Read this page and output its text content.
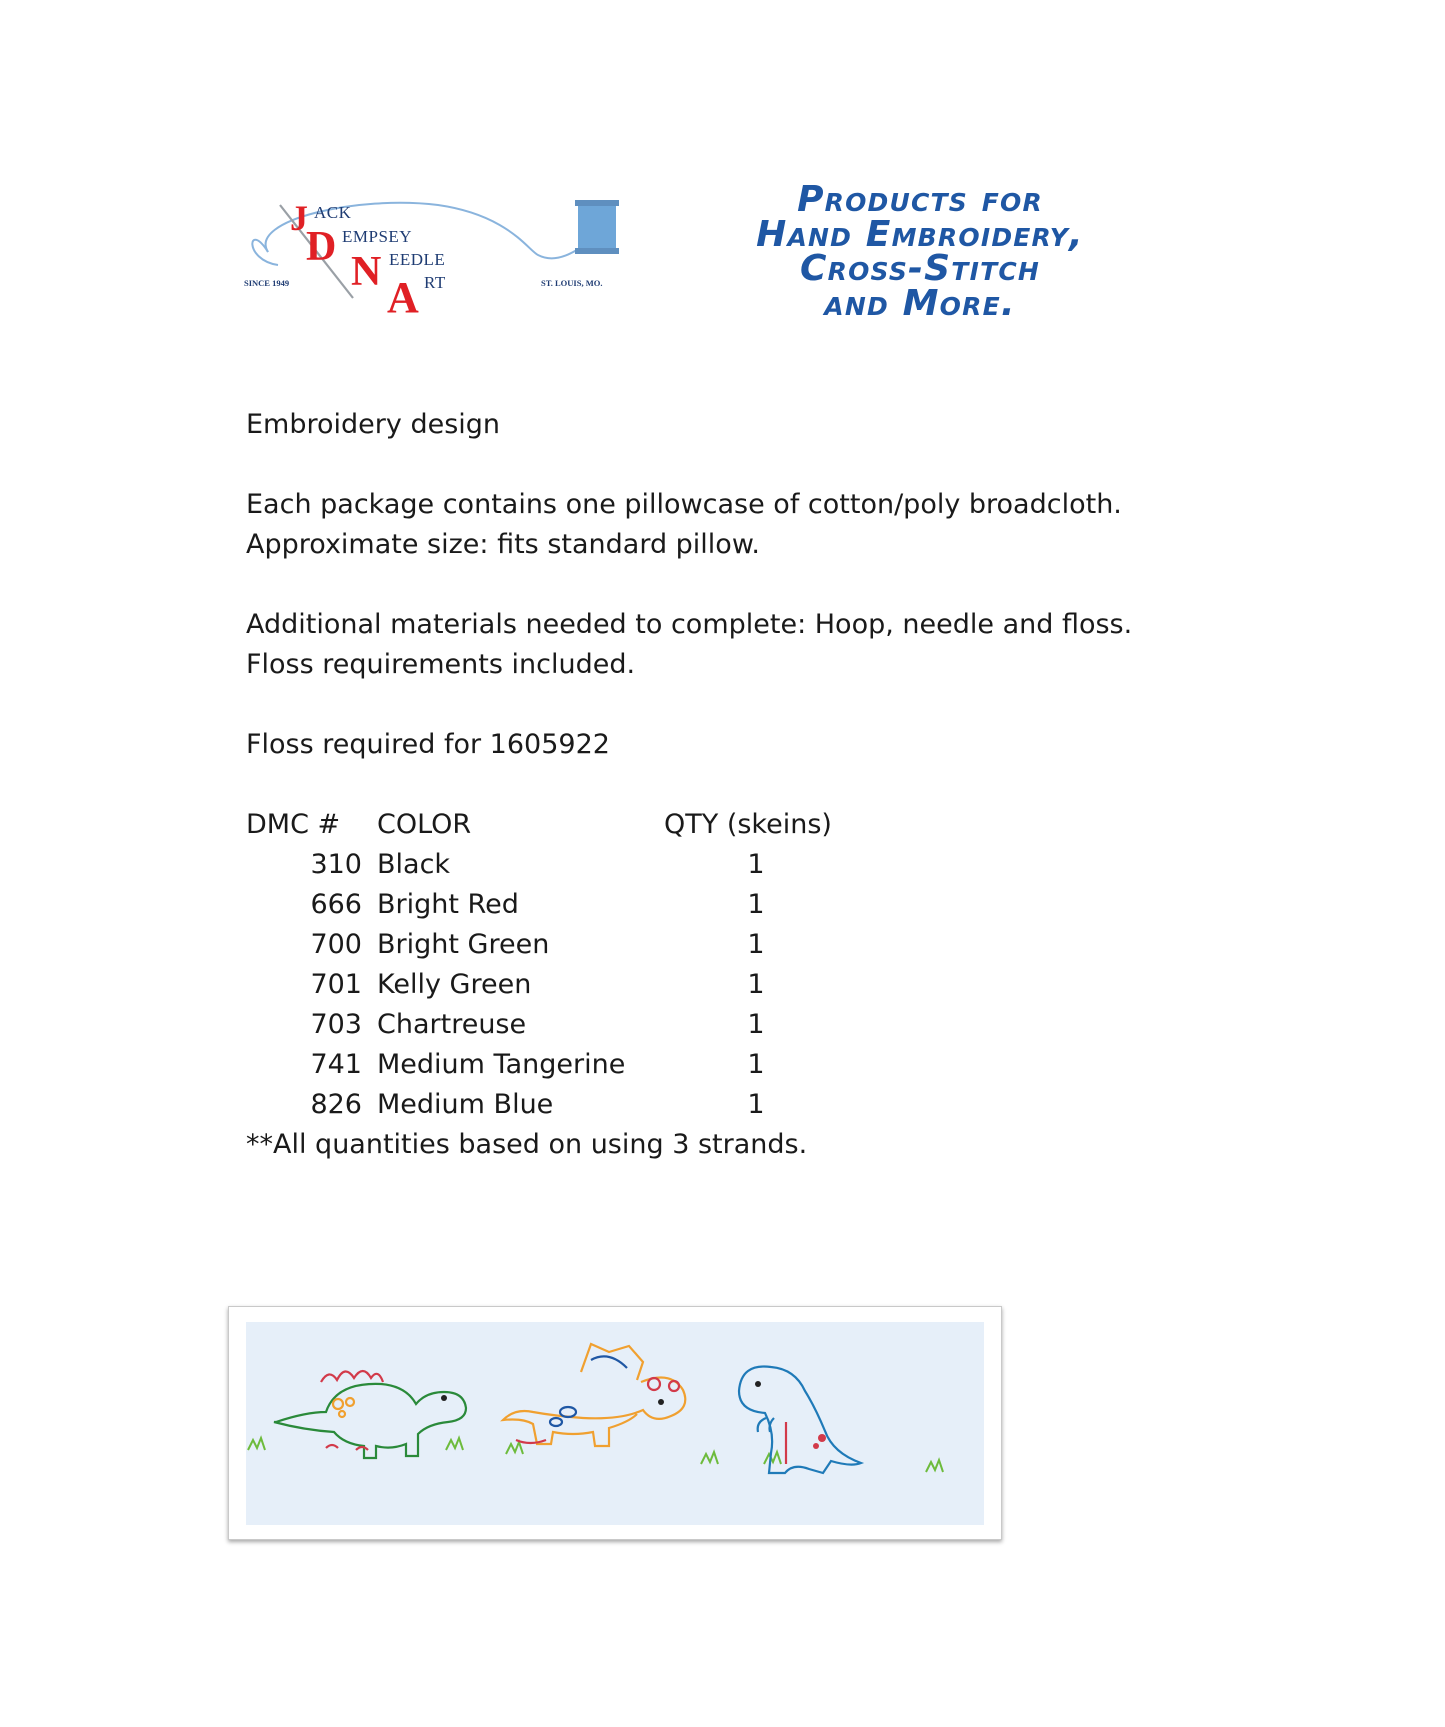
J
D
N
A
ACK
EMPSEY
EEDLE
RT
SINCE 1949	ST. LOUIS, MO.
Products for
Hand Embroidery,
Cross-Stitch
and More.
Embroidery design
Each package contains one pillowcase of cotton/poly broadcloth.
Approximate size: fits standard pillow.
Additional materials needed to complete: Hoop, needle and floss.
Floss requirements included.
Floss required for 1605922
DMC #	COLOR	QTY (skeins)
310 Black	1
666 Bright Red	1
700 Bright Green	1
701 Kelly Green	1
703 Chartreuse	1
741 Medium Tangerine	1
826 Medium Blue	1
**All quantities based on using 3 strands.
